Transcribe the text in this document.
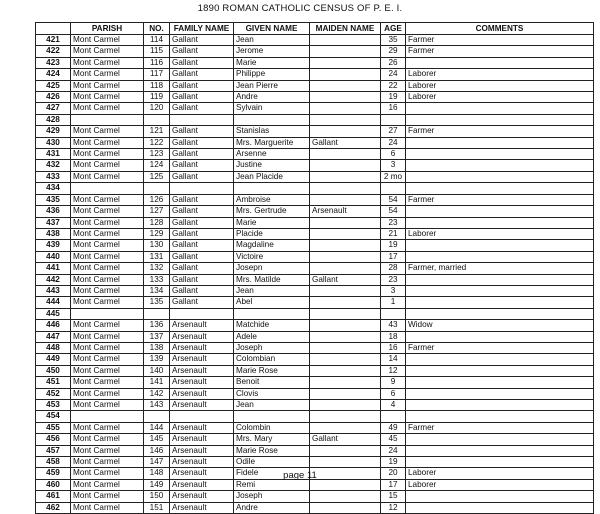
1890 ROMAN CATHOLIC CENSUS OF P. E. I.
	PARISH	NO.	FAMILY NAME	GIVEN NAME	MAIDEN NAME	AGE	COMMENTS
421	Mont Carmel	114	Gallant	Jean		35	Farmer
422	Mont Carmel	115	Gallant	Jerome		29	Farmer
423	Mont Carmel	116	Gallant	Marie		26	
424	Mont Carmel	117	Gallant	Philippe		24	Laborer
425	Mont Carmel	118	Gallant	Jean Pierre		22	Laborer
426	Mont Carmel	119	Gallant	Andre		19	Laborer
427	Mont Carmel	120	Gallant	Sylvain		16	
428							
429	Mont Carmel	121	Gallant	Stanislas		27	Farmer
430	Mont Carmel	122	Gallant	Mrs. Marguerite	Gallant	24	
431	Mont Carmel	123	Gallant	Arsenne		6	
432	Mont Carmel	124	Gallant	Justine		3	
433	Mont Carmel	125	Gallant	Jean Placide		2 mo	
434							
435	Mont Carmel	126	Gallant	Ambroise		54	Farmer
436	Mont Carmel	127	Gallant	Mrs. Gertrude	Arsenault	54	
437	Mont Carmel	128	Gallant	Marie		23	
438	Mont Carmel	129	Gallant	Placide		21	Laborer
439	Mont Carmel	130	Gallant	Magdaline		19	
440	Mont Carmel	131	Gallant	Victoire		17	
441	Mont Carmel	132	Gallant	Josepn		28	Farmer, married
442	Mont Carmel	133	Gallant	Mrs. Matilde	Gallant	23	
443	Mont Carmel	134	Gallant	Jean		3	
444	Mont Carmel	135	Gallant	Abel		1	
445							
446	Mont Carmel	136	Arsenault	Matchide		43	Widow
447	Mont Carmel	137	Arsenault	Adele		18	
448	Mont Carmel	138	Arsenault	Joseph		16	Farmer
449	Mont Carmel	139	Arsenault	Colombian		14	
450	Mont Carmel	140	Arsenault	Marie Rose		12	
451	Mont Carmel	141	Arsenault	Benoit		9	
452	Mont Carmel	142	Arsenault	Clovis		6	
453	Mont Carmel	143	Arsenault	Jean		4	
454							
455	Mont Carmel	144	Arsenault	Colombin		49	Farmer
456	Mont Carmel	145	Arsenault	Mrs. Mary	Gallant	45	
457	Mont Carmel	146	Arsenault	Marie Rose		24	
458	Mont Carmel	147	Arsenault	Odile		19	
459	Mont Carmel	148	Arsenault	Fidele		20	Laborer
460	Mont Carmel	149	Arsenault	Remi		17	Laborer
461	Mont Carmel	150	Arsenault	Joseph		15	
462	Mont Carmel	151	Arsenault	Andre		12	
page 11
